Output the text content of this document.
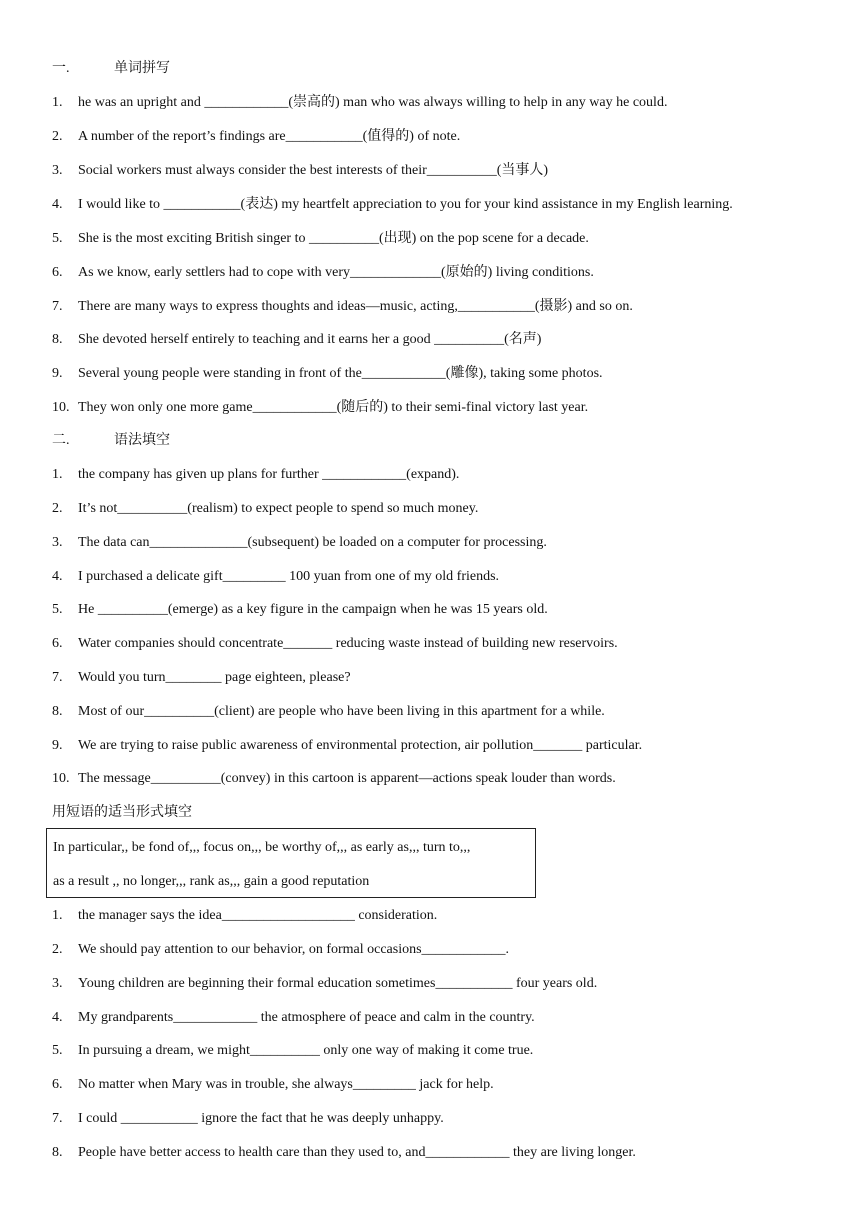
一.	单词拼写
1. he was an upright and ____________(崇高的) man who was always willing to help in any way he could.
2. A number of the report’s findings are___________(值得的) of note.
3. Social workers must always consider the best interests of their__________(当事人)
4. I would like to ___________(表达) my heartfelt appreciation to you for your kind assistance in my English learning.
5. She is the most exciting British singer to __________(出现) on the pop scene for a decade.
6. As we know, early settlers had to cope with very_____________(原始的) living conditions.
7. There are many ways to express thoughts and ideas—music, acting,___________(摄影) and so on.
8. She devoted herself entirely to teaching and it earns her a good __________(名声)
9. Several young people were standing in front of the____________(雕像), taking some photos.
10. They won only one more game____________(随后的) to their semi-final victory last year.
二.	语法填空
1. the company has given up plans for further ____________(expand).
2. It’s not__________(realism) to expect people to spend so much money.
3. The data can______________(subsequent) be loaded on a computer for processing.
4. I purchased a delicate gift_________ 100 yuan from one of my old friends.
5. He __________(emerge) as a key figure in the campaign when he was 15 years old.
6. Water companies should concentrate_______ reducing waste instead of building new reservoirs.
7. Would you turn________ page eighteen, please?
8. Most of our__________(client) are people who have been living in this apartment for a while.
9. We are trying to raise public awareness of environmental protection, air pollution_______ particular.
10. The message__________(convey) in this cartoon is apparent—actions speak louder than words.
用短语的适当形式填空
In particular,, be fond of,,, focus on,,, be worthy of,,, as early as,,, turn to,,,
as a result ,, no longer,,, rank as,,, gain a good reputation
1. the manager says the idea___________________ consideration.
2. We should pay attention to our behavior, on formal occasions____________.
3. Young children are beginning their formal education sometimes___________ four years old.
4. My grandparents____________ the atmosphere of peace and calm in the country.
5. In pursuing a dream, we might__________ only one way of making it come true.
6. No matter when Mary was in trouble, she always_________ jack for help.
7. I could ___________ ignore the fact that he was deeply unhappy.
8. People have better access to health care than they used to, and____________ they are living longer.
